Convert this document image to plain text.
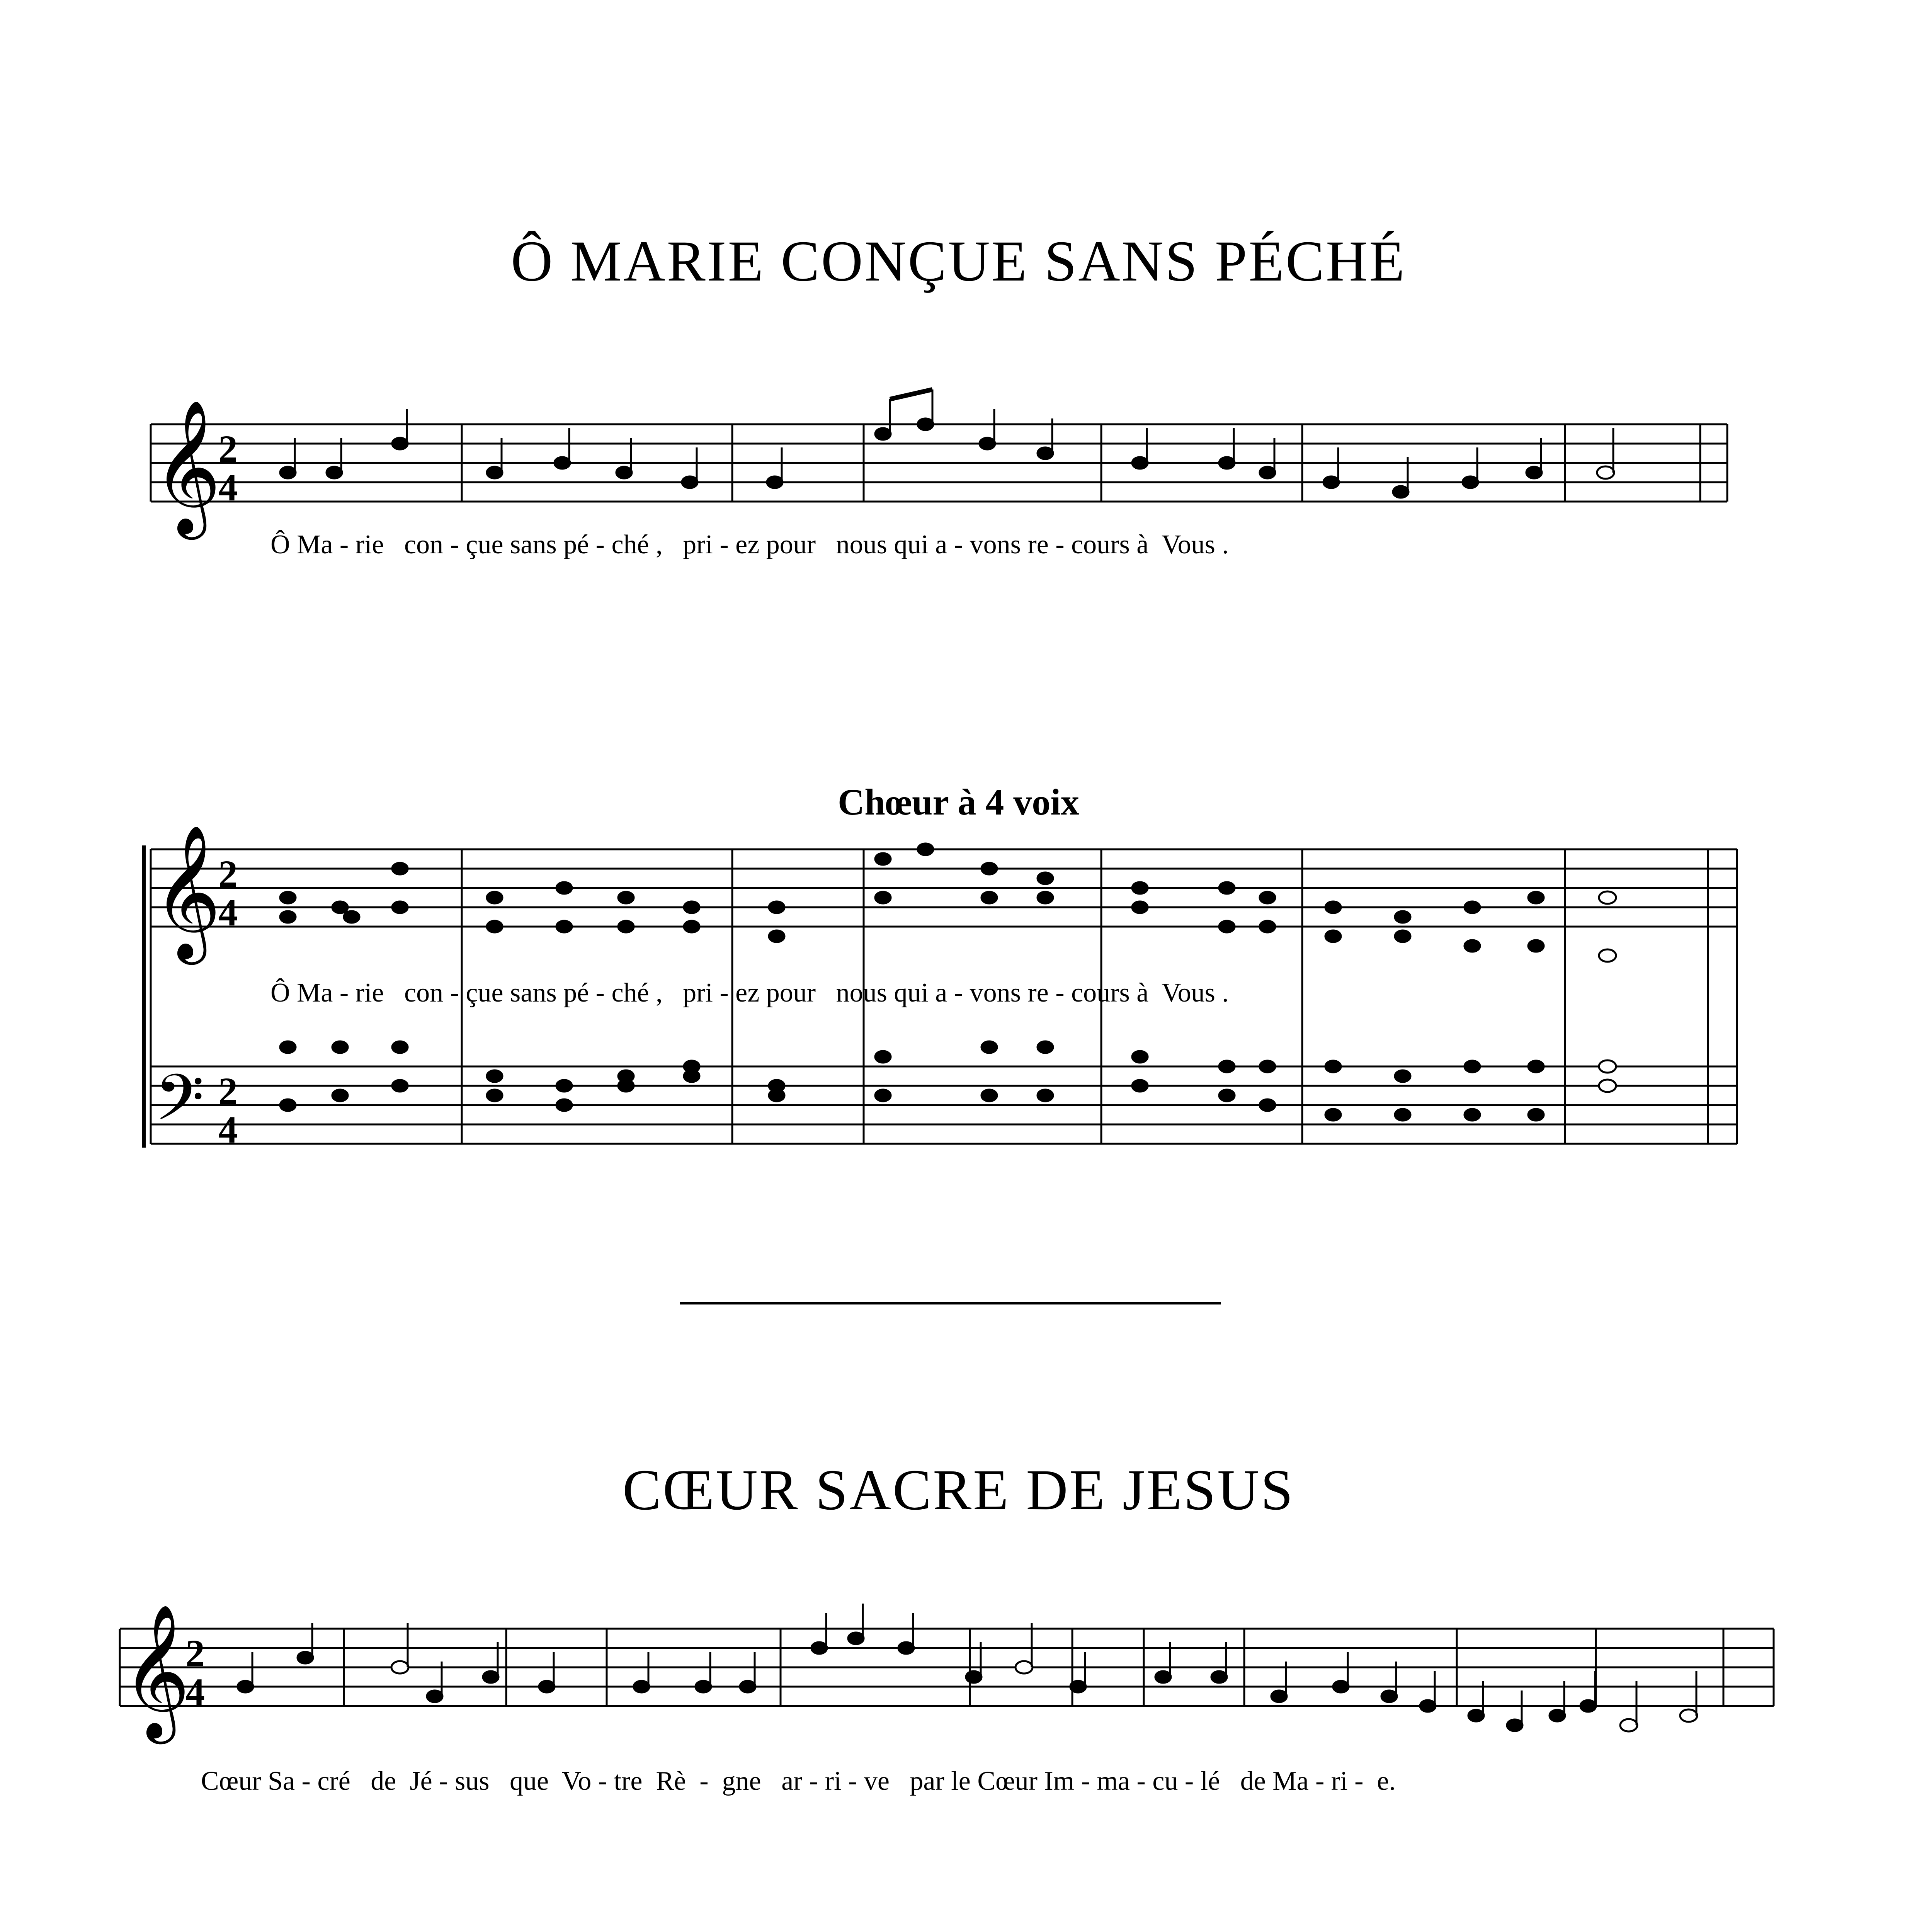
Ô MARIE CONÇUE SANS PÉCHÉ
𝄞
𝄞
𝄢
𝄞
2
4
2
4
2
4
2
4
Ô Ma - rie   con - çue sans pé - ché ,   pri - ez pour   nous qui a - vons re - cours à  Vous .
Chœur à 4 voix
Ô Ma - rie   con - çue sans pé - ché ,   pri - ez pour   nous qui a - vons re - cours à  Vous .
CŒUR SACRE DE JESUS
Cœur Sa - cré   de  Jé - sus   que  Vo - tre  Rè  -  gne   ar - ri - ve   par le Cœur Im - ma - cu - lé   de Ma - ri -  e.
